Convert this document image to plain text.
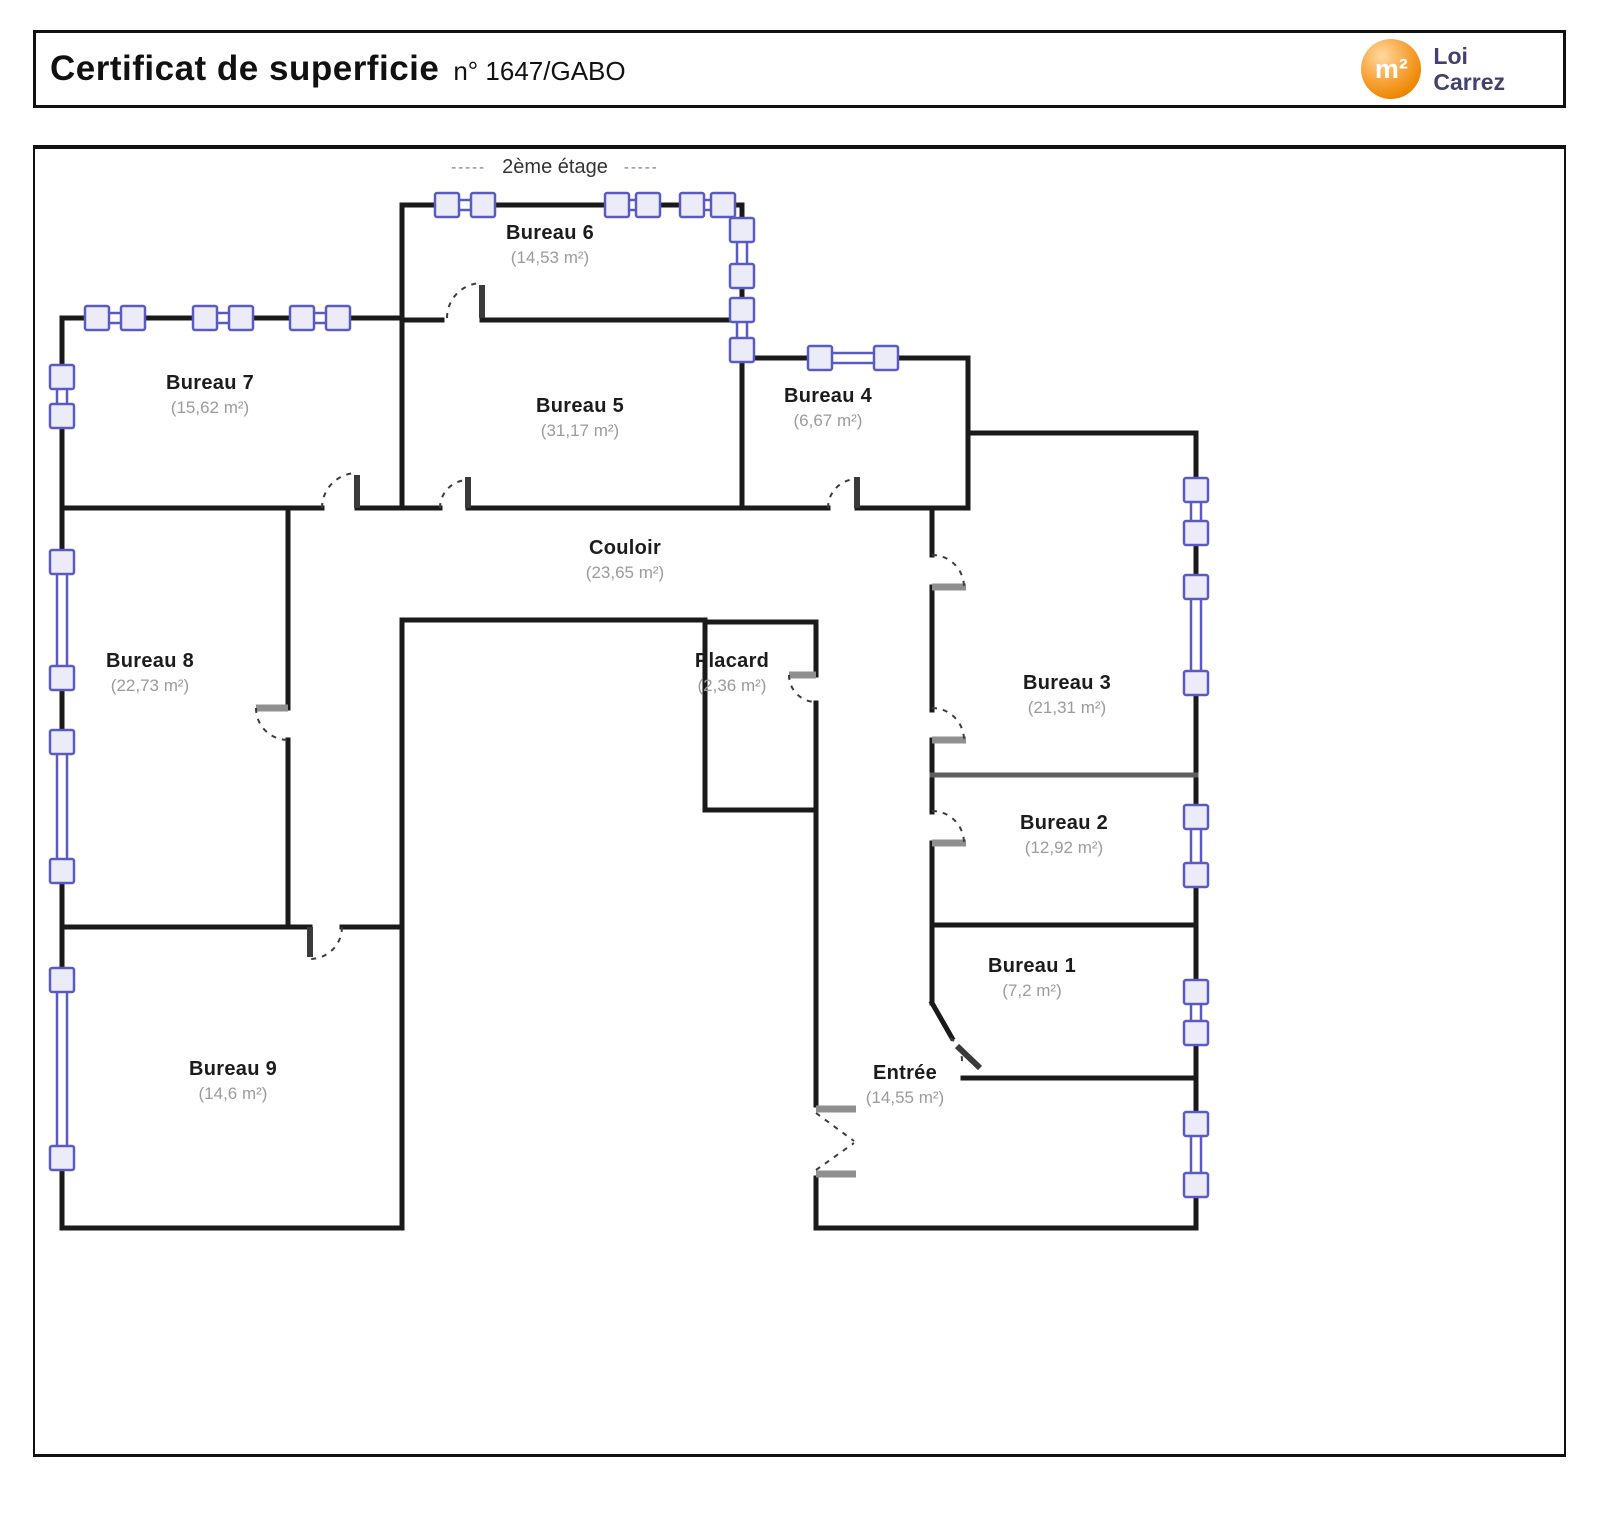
Certificat de superficie n° 1647/GABO	m²	Loi
Carrez
----- 2ème étage -----
Bureau 6
(14,53 m²)
Bureau 7
(15,62 m²)	Bureau 5
(31,17 m²)
Bureau 4
(6,67 m²)
Couloir
(23,65 m²)
Bureau 8
(22,73 m²)
Placard
(2,36 m²)	Bureau 3
(21,31 m²)
Bureau 2
(12,92 m²)
Bureau 1
(7,2 m²)
Bureau 9
(14,6 m²)
Entrée
(14,55 m²)
